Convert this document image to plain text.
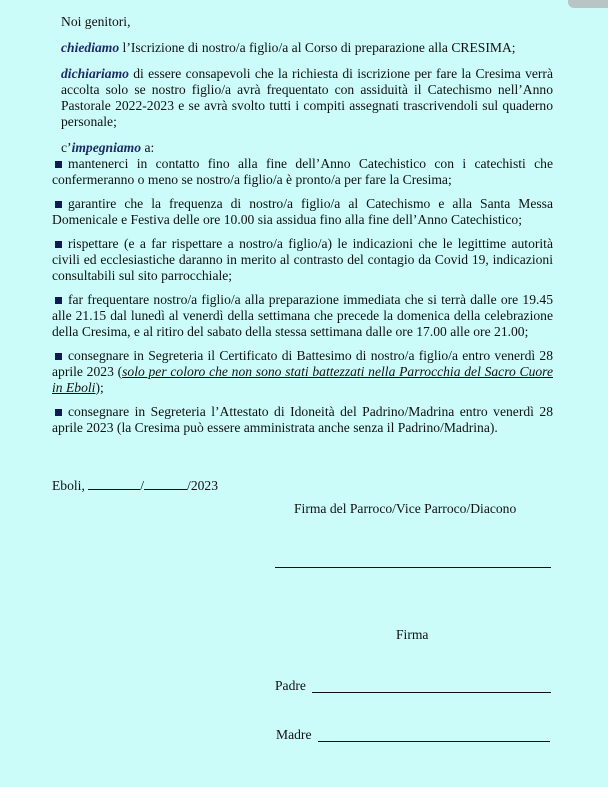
Noi genitori,

chiediamo l’Iscrizione di nostro/a figlio/a al Corso di preparazione alla CRESIMA;

dichiariamo di essere consapevoli che la richiesta di iscrizione per fare la Cresima verrà accolta solo se nostro figlio/a avrà frequentato con assiduità il Catechismo nell’Anno Pastorale 2022-2023 e se avrà svolto tutti i compiti assegnati trascrivendoli sul quaderno personale;

c’impegniamo a:

mantenerci in contatto fino alla fine dell’Anno Catechistico con i catechisti che confermeranno o meno se nostro/a figlio/a è pronto/a per fare la Cresima;

garantire che la frequenza di nostro/a figlio/a al Catechismo e alla Santa Messa Domenicale e Festiva delle ore 10.00 sia assidua fino alla fine dell’Anno Catechistico;

rispettare (e a far rispettare a nostro/a figlio/a) le indicazioni che le legittime autorità civili ed ecclesiastiche daranno in merito al contrasto del contagio da Covid 19, indicazioni consultabili sul sito parrocchiale;

far frequentare nostro/a figlio/a alla preparazione immediata che si terrà dalle ore 19.45 alle 21.15 dal lunedì al venerdì della settimana che precede la domenica della celebrazione della Cresima, e al ritiro del sabato della stessa settimana dalle ore 17.00 alle ore 21.00;

consegnare in Segreteria il Certificato di Battesimo di nostro/a figlio/a entro venerdì 28 aprile 2023 (solo per coloro che non sono stati battezzati nella Parrocchia del Sacro Cuore in Eboli);

consegnare in Segreteria l’Attestato di Idoneità del Padrino/Madrina entro venerdì 28 aprile 2023 (la Cresima può essere amministrata anche senza il Padrino/Madrina).

Eboli,	/	/2023
Firma del Parroco/Vice Parroco/Diacono
Firma
Padre
Madre
